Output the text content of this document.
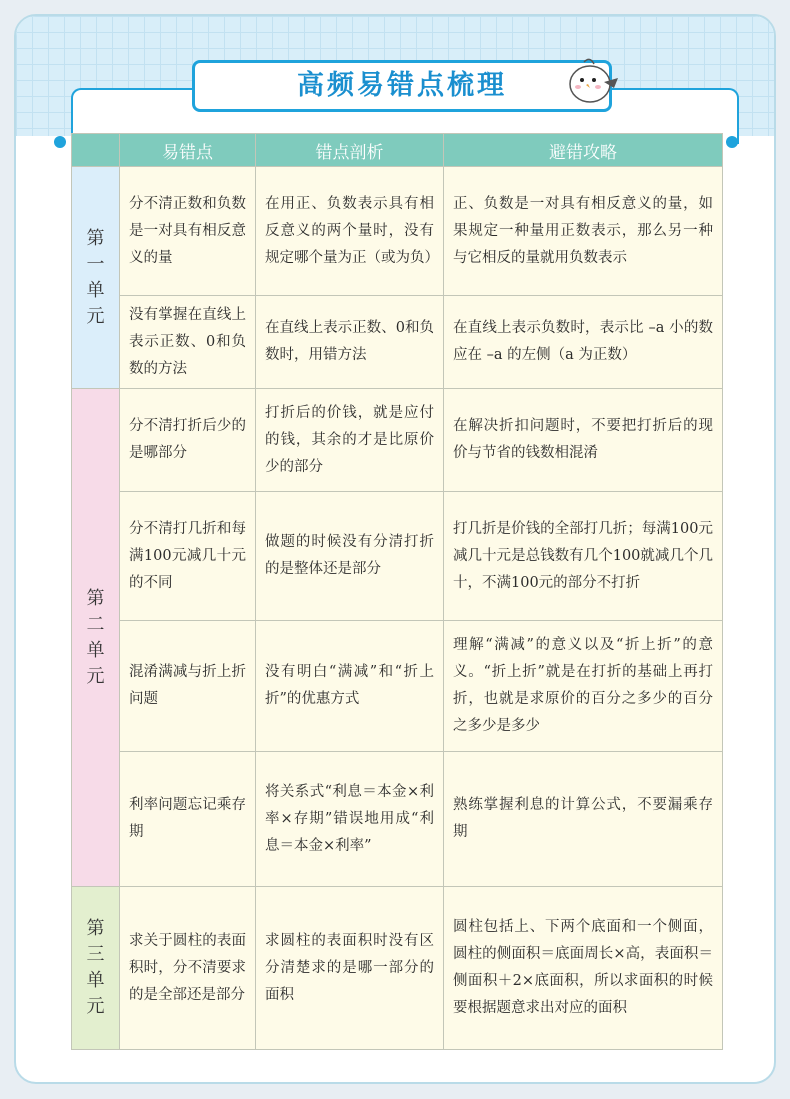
高频易错点梳理
	易错点	错点剖析	避错攻略
第一单元	分不清正数和负数是一对具有相反意义的量	在用正、负数表示具有相反意义的两个量时，没有规定哪个量为正（或为负）	正、负数是一对具有相反意义的量，如果规定一种量用正数表示，那么另一种与它相反的量就用负数表示
	没有掌握在直线上表示正数、0和负数的方法	在直线上表示正数、0和负数时，用错方法	在直线上表示负数时，表示比 –a 小的数应在 –a 的左侧（a 为正数）
第二单元	分不清打折后少的是哪部分	打折后的价钱，就是应付的钱，其余的才是比原价少的部分	在解决折扣问题时，不要把打折后的现价与节省的钱数相混淆
	分不清打几折和每满100元减几十元的不同	做题的时候没有分清打折的是整体还是部分	打几折是价钱的全部打几折；每满100元减几十元是总钱数有几个100就减几个几十，不满100元的部分不打折
	混淆满减与折上折问题	没有明白“满减”和“折上折”的优惠方式	理解“满减”的意义以及“折上折”的意义。“折上折”就是在打折的基础上再打折，也就是求原价的百分之多少的百分之多少是多少
	利率问题忘记乘存期	将关系式“利息＝本金×利率×存期”错误地用成“利息＝本金×利率”	熟练掌握利息的计算公式，不要漏乘存期
第三单元	求关于圆柱的表面积时，分不清要求的是全部还是部分	求圆柱的表面积时没有区分清楚求的是哪一部分的面积	圆柱包括上、下两个底面和一个侧面，圆柱的侧面积＝底面周长×高，表面积＝侧面积＋2×底面积，所以求面积的时候要根据题意求出对应的面积
